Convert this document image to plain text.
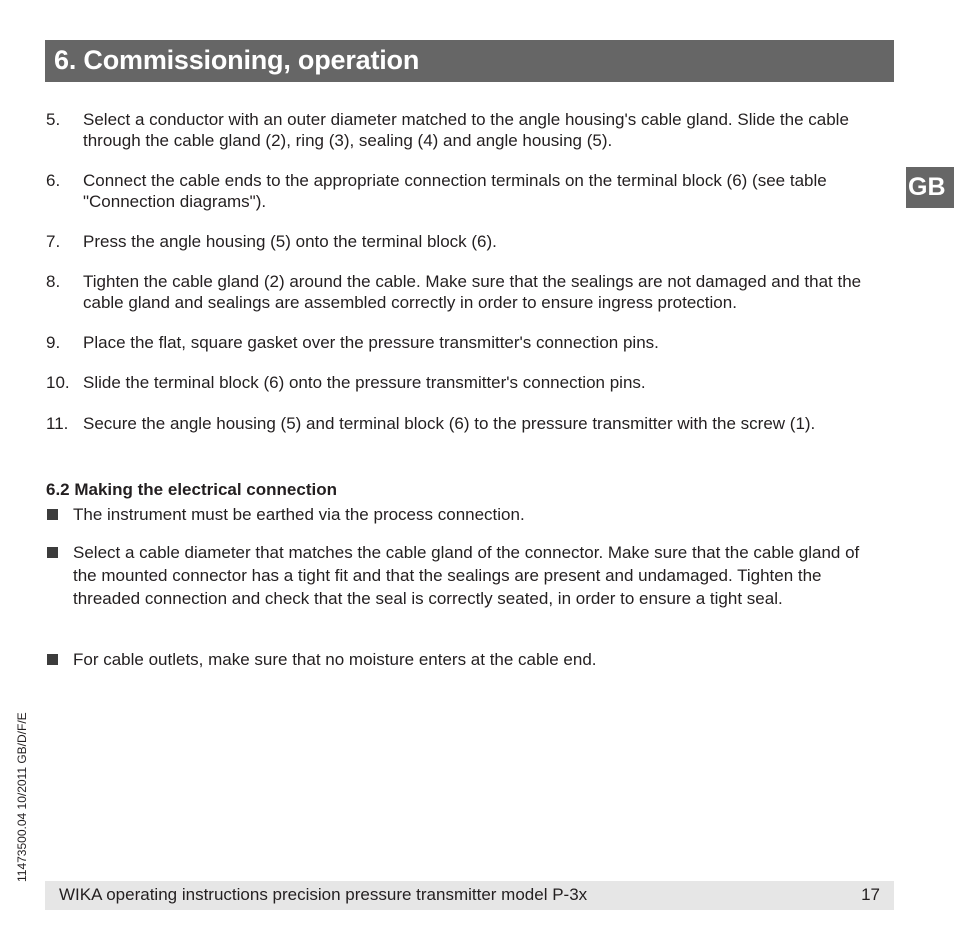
6. Commissioning, operation
GB
5. Select a conductor with an outer diameter matched to the angle housing's cable gland. Slide the cable through the cable gland (2), ring (3), sealing (4) and angle housing (5).
6. Connect the cable ends to the appropriate connection terminals on the terminal block (6) (see table "Connection diagrams").
7. Press the angle housing (5) onto the terminal block (6).
8. Tighten the cable gland (2) around the cable. Make sure that the sealings are not damaged and that the cable gland and sealings are assembled correctly in order to ensure ingress protection.
9. Place the flat, square gasket over the pressure transmitter's connection pins.
10. Slide the terminal block (6) onto the pressure transmitter's connection pins.
11. Secure the angle housing (5) and terminal block (6) to the pressure transmitter with the screw (1).
6.2 Making the electrical connection
The instrument must be earthed via the process connection.
Select a cable diameter that matches the cable gland of the connector. Make sure that the cable gland of the mounted connector has a tight fit and that the sealings are present and undamaged. Tighten the threaded connection and check that the seal is correctly seated, in order to ensure a tight seal.
For cable outlets, make sure that no moisture enters at the cable end.
11473500.04 10/2011 GB/D/F/E
WIKA operating instructions precision pressure transmitter model P-3x	17
